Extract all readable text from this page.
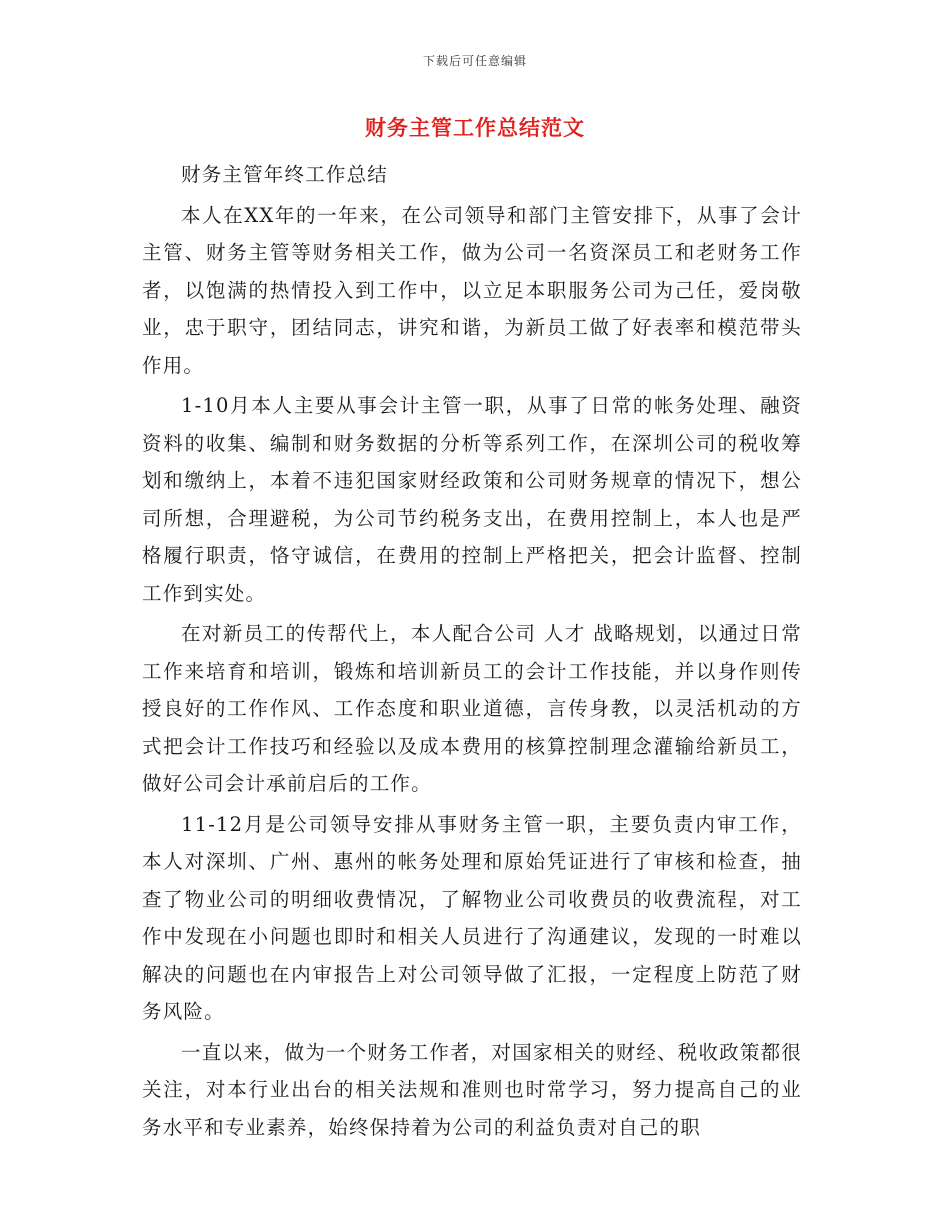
下载后可任意编辑
财务主管工作总结范文

财务主管年终工作总结

本人在XX年的一年来，在公司领导和部门主管安排下，从事了会计主管、财务主管等财务相关工作，做为公司一名资深员工和老财务工作者，以饱满的热情投入到工作中，以立足本职服务公司为己任，爱岗敬业，忠于职守，团结同志，讲究和谐，为新员工做了好表率和模范带头作用。

1-10月本人主要从事会计主管一职，从事了日常的帐务处理、融资资料的收集、编制和财务数据的分析等系列工作，在深圳公司的税收筹划和缴纳上，本着不违犯国家财经政策和公司财务规章的情况下，想公司所想，合理避税，为公司节约税务支出，在费用控制上，本人也是严格履行职责，恪守诚信，在费用的控制上严格把关，把会计监督、控制工作到实处。

在对新员工的传帮代上，本人配合公司 人才 战略规划，以通过日常工作来培育和培训，锻炼和培训新员工的会计工作技能，并以身作则传授良好的工作作风、工作态度和职业道德，言传身教，以灵活机动的方式把会计工作技巧和经验以及成本费用的核算控制理念灌输给新员工，做好公司会计承前启后的工作。

11-12月是公司领导安排从事财务主管一职，主要负责内审工作，本人对深圳、广州、惠州的帐务处理和原始凭证进行了审核和检查，抽查了物业公司的明细收费情况，了解物业公司收费员的收费流程，对工作中发现在小问题也即时和相关人员进行了沟通建议，发现的一时难以解决的问题也在内审报告上对公司领导做了汇报，一定程度上防范了财务风险。

一直以来，做为一个财务工作者，对国家相关的财经、税收政策都很关注，对本行业出台的相关法规和准则也时常学习，努力提高自己的业务水平和专业素养，始终保持着为公司的利益负责对自己的职
